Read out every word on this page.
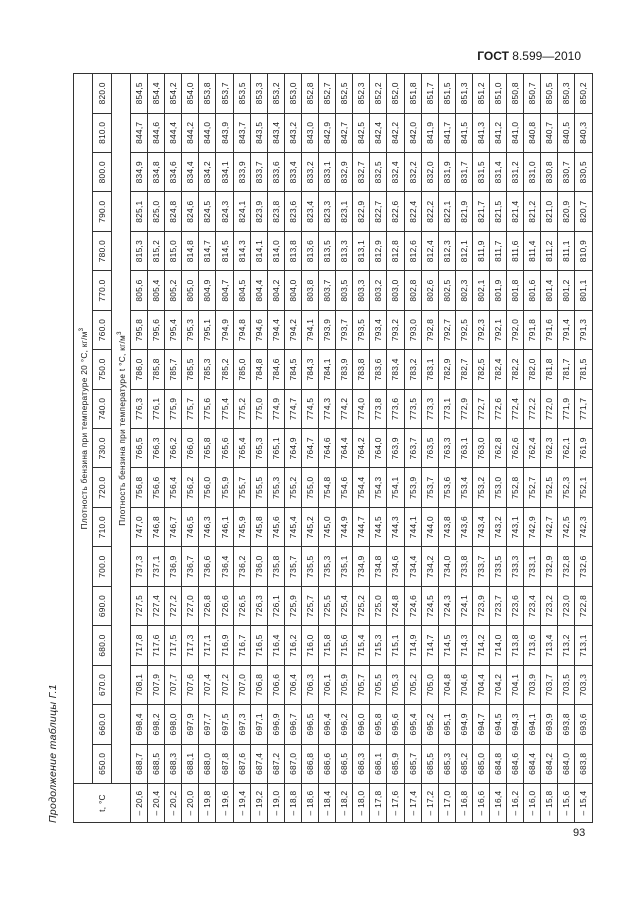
ГОСТ 8.599—2010
Продолжение таблицы Г.1	t, °C	Плотность бензина при температуре 20 °С, $кг/м^3$
	650.0	660.0	670.0	680.0	690.0	700.0	710.0	720.0	730.0	740.0	750.0	760.0	770.0	780.0	790.0	800.0	810.0	820.0
	Плотность бензина при температуре t °С, $кг/м^3$
– 20,6	688,7	698,4	708,1	717,8	727,5	737,3	747,0	756,8	766,5	776,3	786,0	795,8	805,6	815,3	825,1	834,9	844,7	854,5
– 20,4	688,5	698,2	707,9	717,6	727,4	737,1	746,8	756,6	766,3	776,1	785,8	795,6	805,4	815,2	825,0	834,8	844,6	854,4
– 20,2	688,3	698,0	707,7	717,5	727,2	736,9	746,7	756,4	766,2	775,9	785,7	795,4	805,2	815,0	824,8	834,6	844,4	854,2
– 20,0	688,1	697,9	707,6	717,3	727,0	736,7	746,5	756,2	766,0	775,7	785,5	795,3	805,0	814,8	824,6	834,4	844,2	854,0
– 19,8	688,0	697,7	707,4	717,1	726,8	736,6	746,3	756,0	765,8	775,6	785,3	795,1	804,9	814,7	824,5	834,2	844,0	853,8
– 19,6	687,8	697,5	707,2	716,9	726,6	736,4	746,1	755,9	765,6	775,4	785,2	794,9	804,7	814,5	824,3	834,1	843,9	853,7
– 19,4	687,6	697,3	707,0	716,7	726,5	736,2	745,9	755,7	765,4	775,2	785,0	794,8	804,5	814,3	824,1	833,9	843,7	853,5
– 19,2	687,4	697,1	706,8	716,5	726,3	736,0	745,8	755,5	765,3	775,0	784,8	794,6	804,4	814,1	823,9	833,7	843,5	853,3
– 19,0	687,2	696,9	706,6	716,4	726,1	735,8	745,6	755,3	765,1	774,9	784,6	794,4	804,2	814,0	823,8	833,6	843,4	853,2
– 18,8	687,0	696,7	706,4	716,2	725,9	735,7	745,4	755,2	764,9	774,7	784,5	794,2	804,0	813,8	823,6	833,4	843,2	853,0
– 18,6	686,8	696,5	706,3	716,0	725,7	735,5	745,2	755,0	764,7	774,5	784,3	794,1	803,8	813,6	823,4	833,2	843,0	852,8
– 18,4	686,6	696,4	706,1	715,8	725,5	735,3	745,0	754,8	764,6	774,3	784,1	793,9	803,7	813,5	823,3	833,1	842,9	852,7
– 18,2	686,5	696,2	705,9	715,6	725,4	735,1	744,9	754,6	764,4	774,2	783,9	793,7	803,5	813,3	823,1	832,9	842,7	852,5
– 18,0	686,3	696,0	705,7	715,4	725,2	734,9	744,7	754,4	764,2	774,0	783,8	793,5	803,3	813,1	822,9	832,7	842,5	852,3
– 17,8	686,1	695,8	705,5	715,3	725,0	734,8	744,5	754,3	764,0	773,8	783,6	793,4	803,2	812,9	822,7	832,5	842,4	852,2
– 17,6	685,9	695,6	705,3	715,1	724,8	734,6	744,3	754,1	763,9	773,6	783,4	793,2	803,0	812,8	822,6	832,4	842,2	852,0
– 17,4	685,7	695,4	705,2	714,9	724,6	734,4	744,1	753,9	763,7	773,5	783,2	793,0	802,8	812,6	822,4	832,2	842,0	851,8
– 17,2	685,5	695,2	705,0	714,7	724,5	734,2	744,0	753,7	763,5	773,3	783,1	792,8	802,6	812,4	822,2	832,0	841,9	851,7
– 17,0	685,3	695,1	704,8	714,5	724,3	734,0	743,8	753,6	763,3	773,1	782,9	792,7	802,5	812,3	822,1	831,9	841,7	851,5
– 16,8	685,2	694,9	704,6	714,3	724,1	733,8	743,6	753,4	763,1	772,9	782,7	792,5	802,3	812,1	821,9	831,7	841,5	851,3
– 16,6	685,0	694,7	704,4	714,2	723,9	733,7	743,4	753,2	763,0	772,7	782,5	792,3	802,1	811,9	821,7	831,5	841,3	851,2
– 16,4	684,8	694,5	704,2	714,0	723,7	733,5	743,2	753,0	762,8	772,6	782,4	792,1	801,9	811,7	821,5	831,4	841,2	851,0
– 16,2	684,6	694,3	704,1	713,8	723,6	733,3	743,1	752,8	762,6	772,4	782,2	792,0	801,8	811,6	821,4	831,2	841,0	850,8
– 16,0	684,4	694,1	703,9	713,6	723,4	733,1	742,9	752,7	762,4	772,2	782,0	791,8	801,6	811,4	821,2	831,0	840,8	850,7
– 15,8	684,2	693,9	703,7	713,4	723,2	732,9	742,7	752,5	762,3	772,0	781,8	791,6	801,4	811,2	821,0	830,8	840,7	850,5
– 15,6	684,0	693,8	703,5	713,2	723,0	732,8	742,5	752,3	762,1	771,9	781,7	791,4	801,2	811,1	820,9	830,7	840,5	850,3
– 15,4	683,8	693,6	703,3	713,1	722,8	732,6	742,3	752,1	761,9	771,7	781,5	791,3	801,1	810,9	820,7	830,5	840,3	850,2
93
